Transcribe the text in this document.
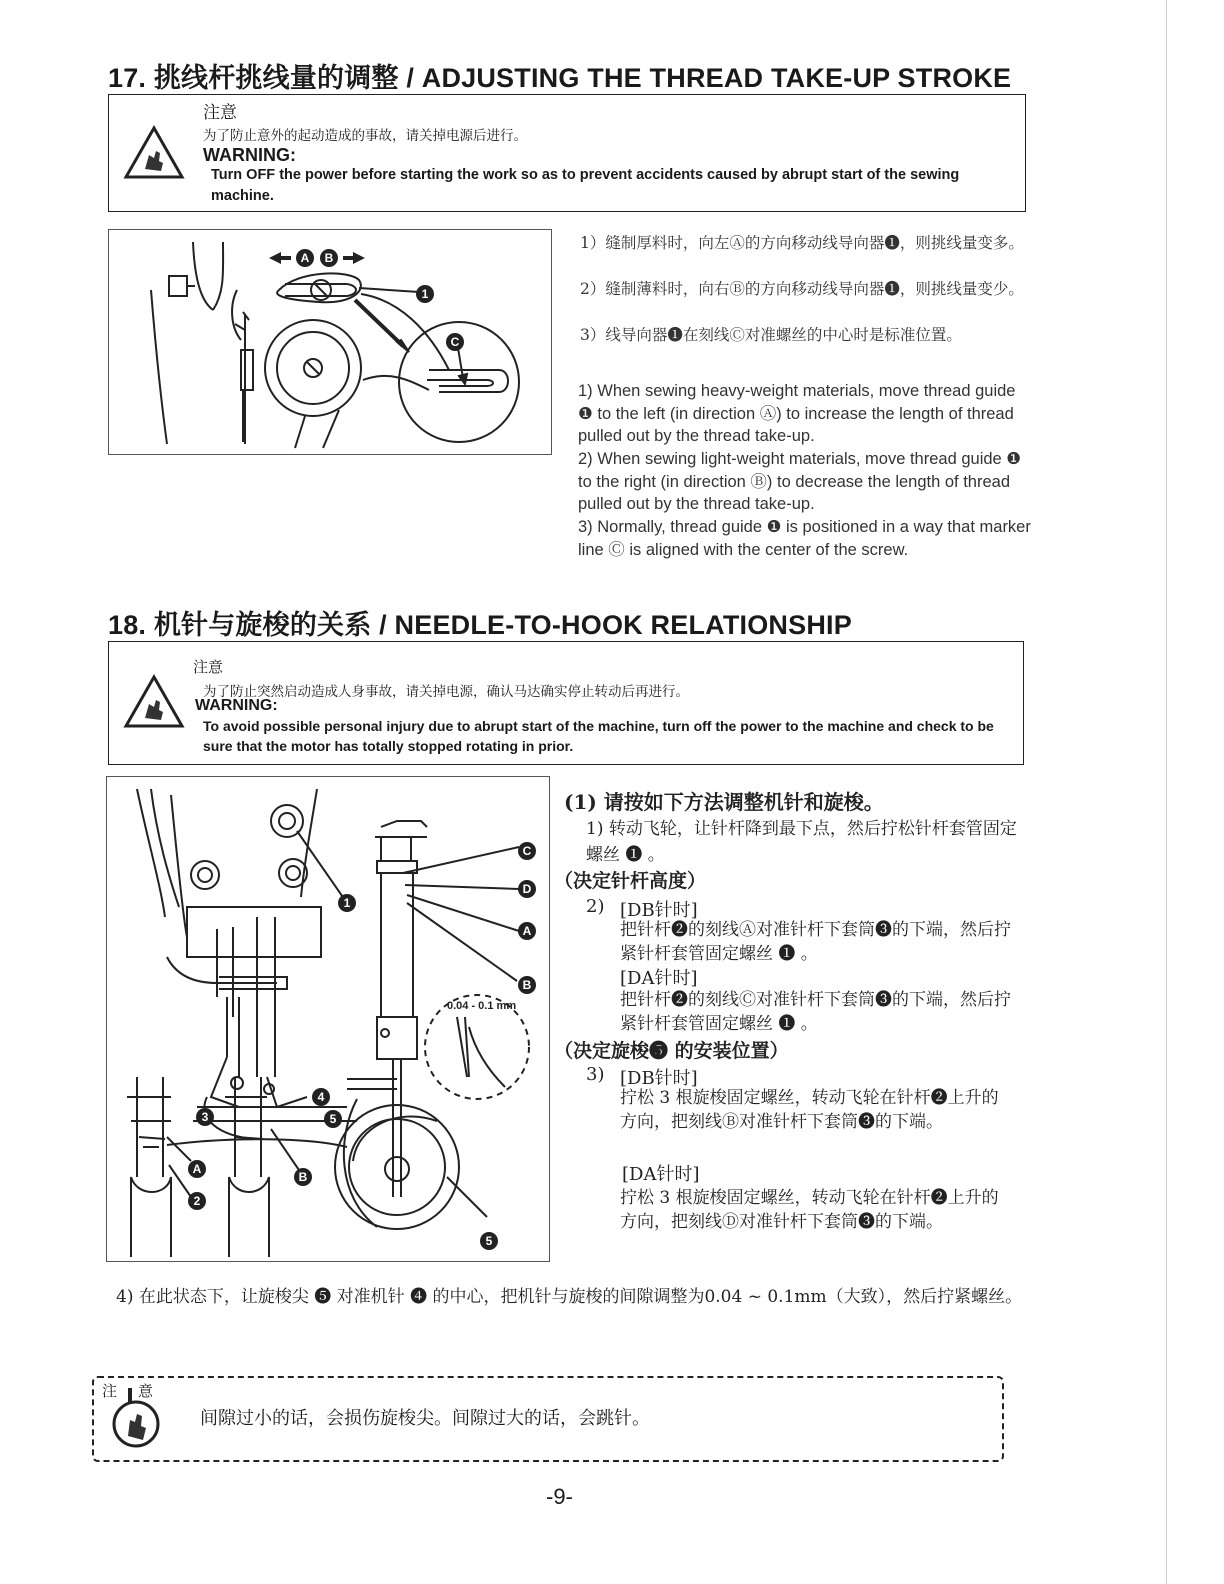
17. 挑线杆挑线量的调整 / ADJUSTING THE THREAD TAKE-UP STROKE
注意
为了防止意外的起动造成的事故，请关掉电源后进行。
WARNING:
Turn OFF the power before starting the work so as to prevent accidents caused by abrupt start of the sewing machine.
A B
1
C
1）缝制厚料时，向左Ⓐ的方向移动线导向器❶，则挑线量变多。
2）缝制薄料时，向右Ⓑ的方向移动线导向器❶，则挑线量变少。
3）线导向器❶在刻线Ⓒ对准螺丝的中心时是标准位置。
1) When sewing heavy-weight materials, move thread guide ❶ to the left (in direction Ⓐ) to increase the length of thread pulled out by the thread take-up.
2) When sewing light-weight materials, move thread guide ❶ to the right (in direction Ⓑ) to decrease the length of thread pulled out by the thread take-up.
3) Normally, thread guide ❶ is positioned in a way that marker line Ⓒ is aligned with the center of the screw.
18. 机针与旋梭的关系 / NEEDLE-TO-HOOK RELATIONSHIP
注意
为了防止突然启动造成人身事故，请关掉电源，确认马达确实停止转动后再进行。
WARNING:
To avoid possible personal injury due to abrupt start of the machine, turn off the power to the machine and check to be sure that the motor has totally stopped rotating in prior.
0.04 - 0.1 mm
C
D
A
B
1
4
5
3
A
2
B
5
(1) 请按如下方法调整机针和旋梭。
1) 转动飞轮，让针杆降到最下点，然后拧松针杆套管固定螺丝 ❶ 。
（决定针杆高度）
2) [DB针时]
把针杆❷的刻线Ⓐ对准针杆下套筒❸的下端，然后拧紧针杆套管固定螺丝 ❶ 。
[DA针时]
把针杆❷的刻线Ⓒ对准针杆下套筒❸的下端，然后拧紧针杆套管固定螺丝 ❶ 。
（决定旋梭❺ 的安装位置）
3) [DB针时]
拧松 3 根旋梭固定螺丝，转动飞轮在针杆❷上升的方向，把刻线Ⓑ对准针杆下套筒❸的下端。
[DA针时]
拧松 3 根旋梭固定螺丝，转动飞轮在针杆❷上升的方向，把刻线Ⓓ对准针杆下套筒❸的下端。
4) 在此状态下，让旋梭尖 ❺ 对准机针 ❹ 的中心，把机针与旋梭的间隙调整为0.04 ~ 0.1mm（大致），然后拧紧螺丝。
注 意
间隙过小的话，会损伤旋梭尖。间隙过大的话，会跳针。
-9-
